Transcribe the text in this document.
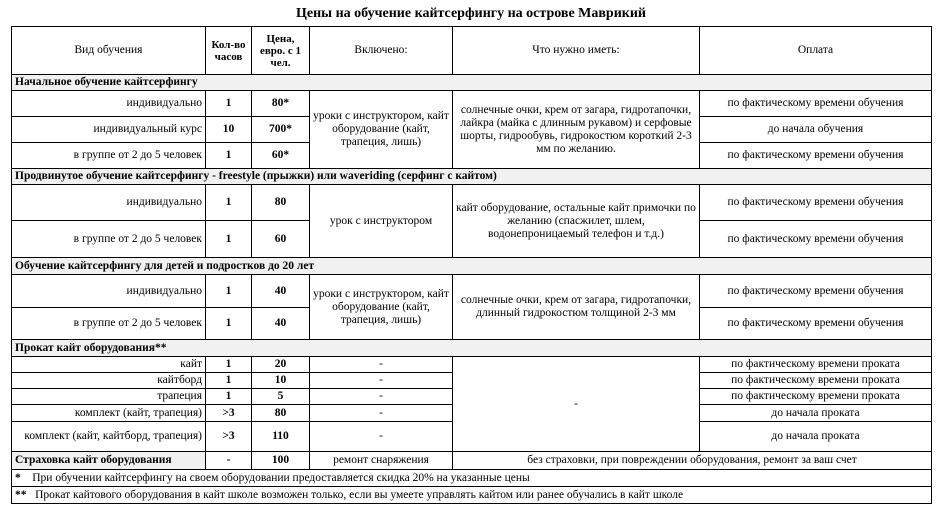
Цены на обучение кайтсерфингу на острове Маврикий
Вид обучения	Кол-во часов	Цена, евро. с 1 чел.	Включено:	Что нужно иметь:	Оплата
Начальное обучение кайтсерфингу					
индивидуально	1	80*	уроки с инструктором, кайт оборудование (кайт, трапеция, лишь)	солнечные очки, крем от загара, гидротапочки, лайкра (майка с длинным рукавом) и серфовые шорты, гидрообувь, гидрокостюм короткий 2-3 мм по желанию.	по фактическому времени обучения
индивидуальный курс	10	700*			до начала обучения
в группе от 2 до 5 человек	1	60*			по фактическому времени обучения
Продвинутое обучение кайтсерфингу - freestyle (прыжки) или waveriding (серфинг с кайтом)					
индивидуально	1	80	урок с инструктором	кайт оборудование, остальные кайт примочки по желанию (спасжилет, шлем, водонепроницаемый телефон и т.д.)	по фактическому времени обучения
в группе от 2 до 5 человек	1	60			по фактическому времени обучения
Обучение кайтсерфингу для детей и подростков до 20 лет					
индивидуально	1	40	уроки с инструктором, кайт оборудование (кайт, трапеция, лишь)	солнечные очки, крем от загара, гидротапочки, длинный гидрокостюм толщиной 2-3 мм	по фактическому времени обучения
в группе от 2 до 5 человек	1	40			по фактическому времени обучения
Прокат кайт оборудования**					
кайт	1	20	-	-	по фактическому времени проката
кайтборд	1	10	-		по фактическому времени проката
трапеция	1	5	-		по фактическому времени проката
комплект (кайт, трапеция)	>3	80	-		до начала проката
комплект (кайт, кайтборд, трапеция)	>3	110	-		до начала проката
Страховка кайт оборудования	-	100	ремонт снаряжения	без страховки, при повреждении оборудования, ремонт за ваш счет	
* При обучении кайтсерфингу на своем оборудовании предоставляется скидка 20% на указанные цены					
** Прокат кайтового оборудования в кайт школе возможен только, если вы умеете управлять кайтом или ранее обучались в кайт школе					
